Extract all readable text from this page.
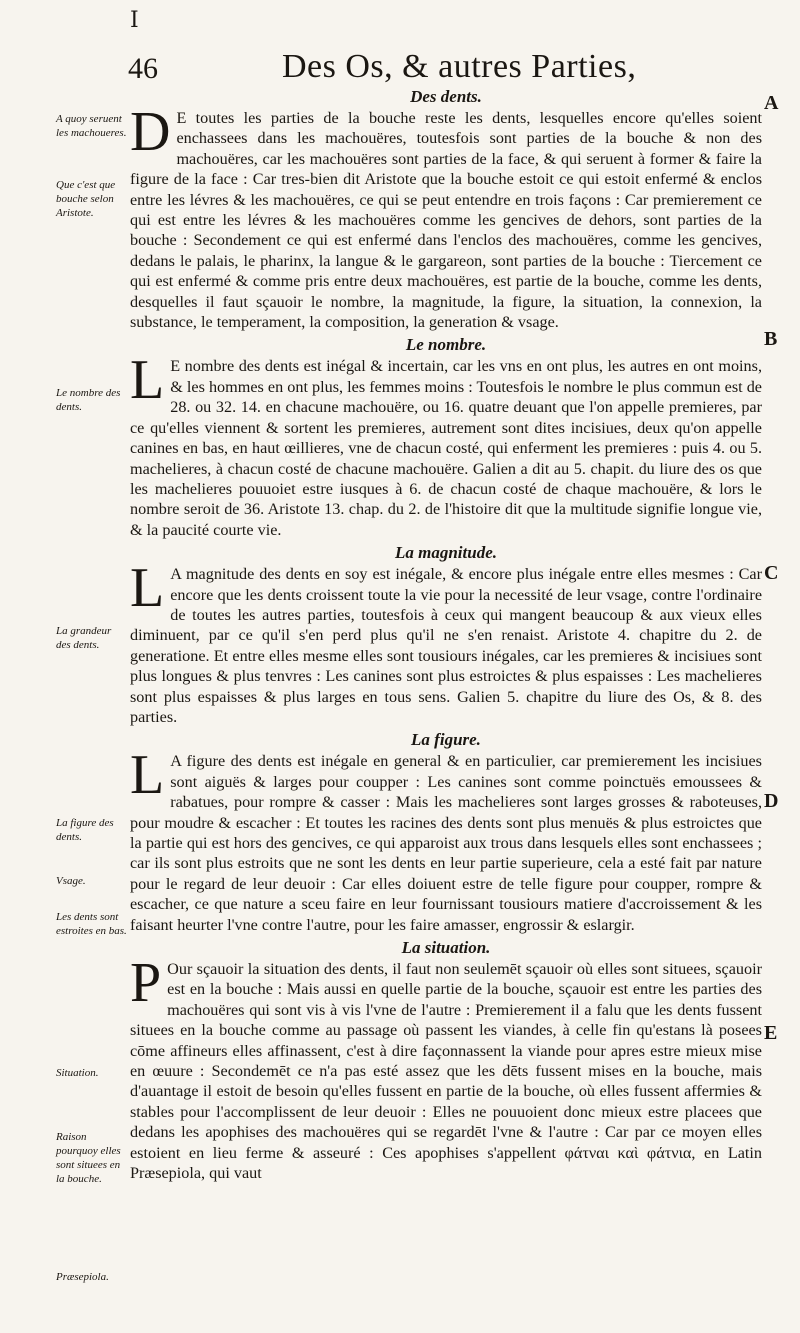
I
46	Des Os, & autres Parties,
A
B
C
D
E
A quoy seruent les machoueres.
Que c'est que bouche selon Aristote.
Le nombre des dents.
La grandeur des dents.
La figure des dents.
Vsage.
Les dents sont estroites en bas.
Situation.
Raison pourquoy elles sont situees en la bouche.
Præsepiola.
Des dents.

D E toutes les parties de la bouche reste les dents, lesquelles encore qu'elles soient enchassees dans les machouëres, toutesfois sont parties de la bouche & non des machouëres, car les machouëres sont parties de la face, & qui seruent à former & faire la figure de la face : Car tres-bien dit Aristote que la bouche estoit ce qui estoit enfermé & enclos entre les lévres & les machouëres, ce qui se peut entendre en trois façons : Car premierement ce qui est entre les lévres & les machouëres comme les gencives de dehors, sont parties de la bouche : Secondement ce qui est enfermé dans l'enclos des machouëres, comme les gencives, dedans le palais, le pharinx, la langue & le gargareon, sont parties de la bouche : Tiercement ce qui est enfermé & comme pris entre deux machouëres, est partie de la bouche, comme les dents, desquelles il faut sçauoir le nombre, la magnitude, la figure, la situation, la connexion, la substance, le temperament, la composition, la generation & vsage.

Le nombre.

L E nombre des dents est inégal & incertain, car les vns en ont plus, les autres en ont moins, & les hommes en ont plus, les femmes moins : Toutesfois le nombre le plus commun est de 28. ou 32. 14. en chacune machouëre, ou 16. quatre deuant que l'on appelle premieres, par ce qu'elles viennent & sortent les premieres, autrement sont dites incisiues, deux qu'on appelle canines en bas, en haut œillieres, vne de chacun costé, qui enferment les premieres : puis 4. ou 5. machelieres, à chacun costé de chacune machouëre. Galien a dit au 5. chapit. du liure des os que les machelieres pouuoiet estre iusques à 6. de chacun costé de chaque machouëre, & lors le nombre seroit de 36. Aristote 13. chap. du 2. de l'histoire dit que la multitude signifie longue vie, & la paucité courte vie.

La magnitude.

L A magnitude des dents en soy est inégale, & encore plus inégale entre elles mesmes : Car encore que les dents croissent toute la vie pour la necessité de leur vsage, contre l'ordinaire de toutes les autres parties, toutesfois à ceux qui mangent beaucoup & aux vieux elles diminuent, par ce qu'il s'en perd plus qu'il ne s'en renaist. Aristote 4. chapitre du 2. de generatione. Et entre elles mesme elles sont tousiours inégales, car les premieres & incisiues sont plus longues & plus tenvres : Les canines sont plus estroictes & plus espaisses : Les machelieres sont plus espaisses & plus larges en tous sens. Galien 5. chapitre du liure des Os, & 8. des parties.

La figure.

L A figure des dents est inégale en general & en particulier, car premierement les incisiues sont aiguës & larges pour coupper : Les canines sont comme poinctuës emoussees & rabatues, pour rompre & casser : Mais les machelieres sont larges grosses & raboteuses, pour moudre & escacher : Et toutes les racines des dents sont plus menuës & plus estroictes que la partie qui est hors des gencives, ce qui apparoist aux trous dans lesquels elles sont enchassees ; car ils sont plus estroits que ne sont les dents en leur partie superieure, cela a esté fait par nature pour le regard de leur deuoir : Car elles doiuent estre de telle figure pour coupper, rompre & escacher, ce que nature a sceu faire en leur fournissant tousiours matiere d'accroissement & les faisant heurter l'vne contre l'autre, pour les faire amasser, engrossir & eslargir.

La situation.

P Our sçauoir la situation des dents, il faut non seulemēt sçauoir où elles sont situees, sçauoir est en la bouche : Mais aussi en quelle partie de la bouche, sçauoir est entre les parties des machouëres qui sont vis à vis l'vne de l'autre : Premierement il a falu que les dents fussent situees en la bouche comme au passage où passent les viandes, à celle fin qu'estans là posees cōme affineurs elles affinassent, c'est à dire façonnassent la viande pour apres estre mieux mise en œuure : Secondemēt ce n'a pas esté assez que les dēts fussent mises en la bouche, mais d'auantage il estoit de besoin qu'elles fussent en partie de la bouche, où elles fussent affermies & stables pour l'accomplissent de leur deuoir : Elles ne pouuoient donc mieux estre placees que dedans les apophises des machouëres qui se regardēt l'vne & l'autre : Car par ce moyen elles estoient en lieu ferme & asseuré : Ces apophises s'appellent φάτναι καὶ φάτνια, en Latin Præsepiola, qui vaut
